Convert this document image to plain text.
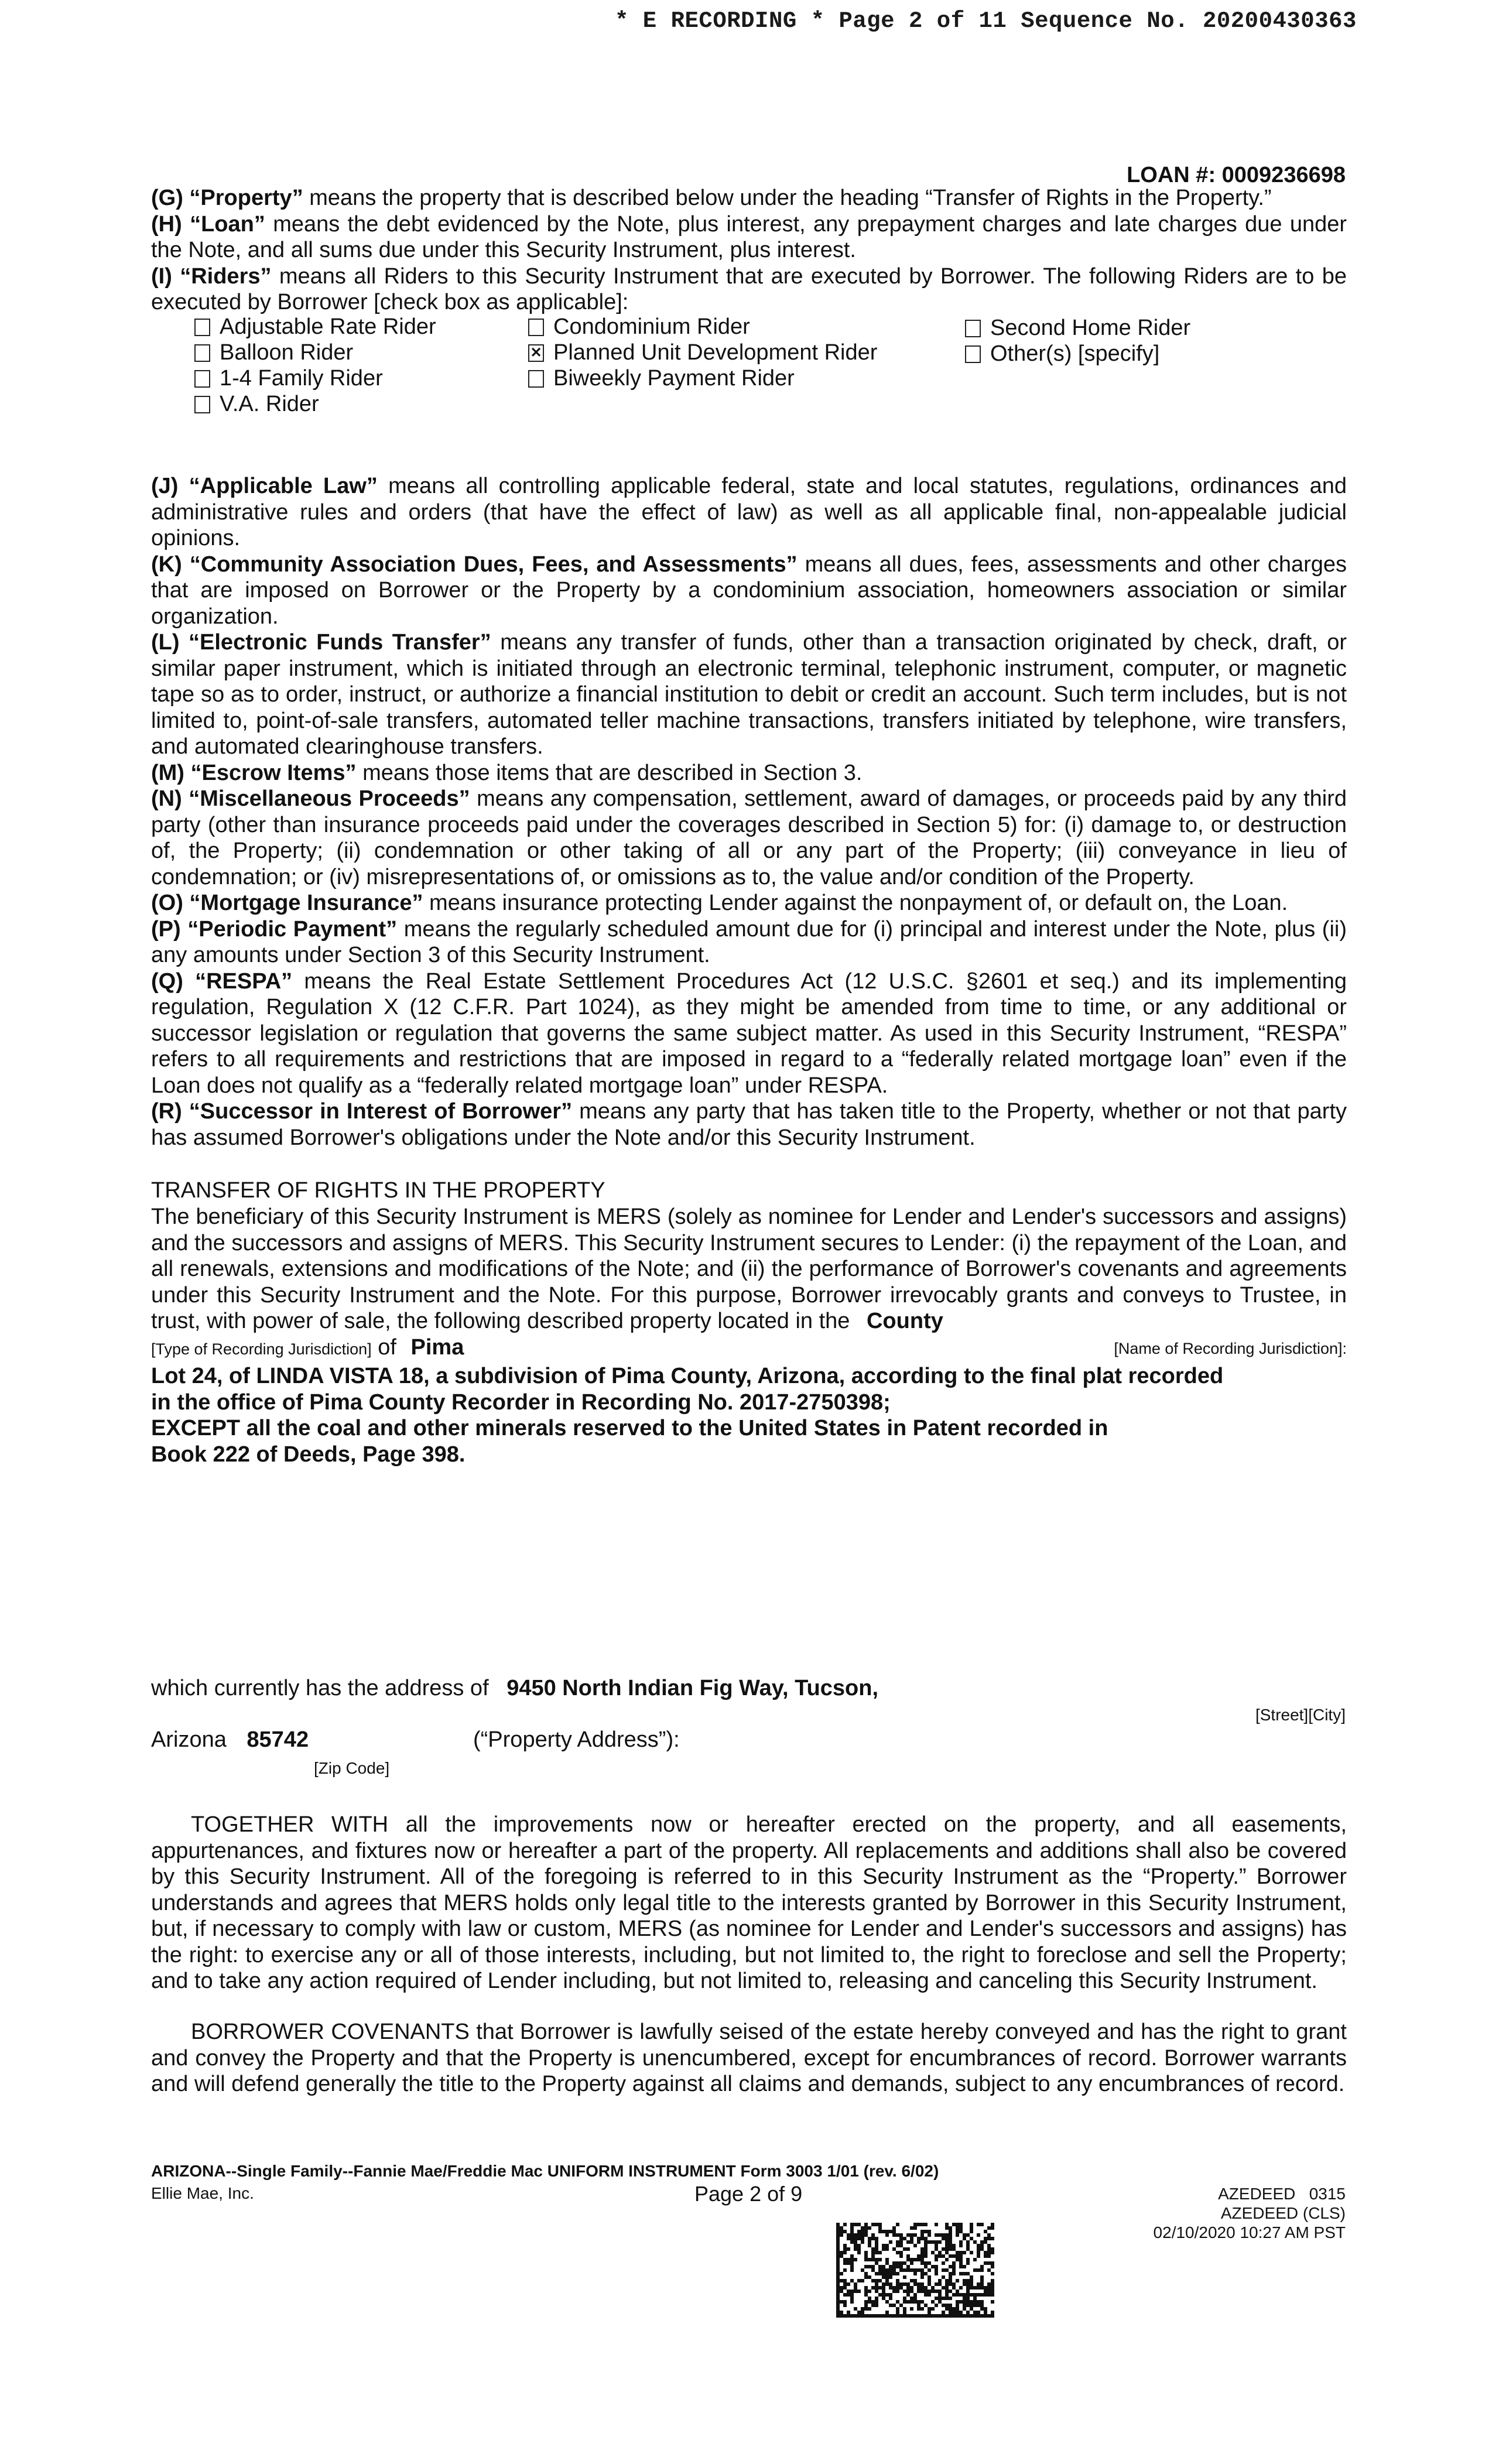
* E RECORDING * Page 2 of 11 Sequence No. 20200430363
LOAN #: 0009236698

(G) “Property” means the property that is described below under the heading “Transfer of Rights in the Property.”

(H) “Loan” means the debt evidenced by the Note, plus interest, any prepayment charges and late charges due under the Note, and all sums due under this Security Instrument, plus interest.

(I) “Riders” means all Riders to this Security Instrument that are executed by Borrower. The following Riders are to be executed by Borrower [check box as applicable]:

Adjustable Rate Rider
Balloon Rider
1-4 Family Rider
V.A. Rider
Condominium Rider
✕ Planned Unit Development Rider
Biweekly Payment Rider
Second Home Rider
Other(s) [specify]

(J) “Applicable Law” means all controlling applicable federal, state and local statutes, regulations, ordinances and administrative rules and orders (that have the effect of law) as well as all applicable final, non-appealable judicial opinions.

(K) “Community Association Dues, Fees, and Assessments” means all dues, fees, assessments and other charges that are imposed on Borrower or the Property by a condominium association, homeowners association or similar organization.

(L) “Electronic Funds Transfer” means any transfer of funds, other than a transaction originated by check, draft, or similar paper instrument, which is initiated through an electronic terminal, telephonic instrument, computer, or magnetic tape so as to order, instruct, or authorize a financial institution to debit or credit an account. Such term includes, but is not limited to, point-of-sale transfers, automated teller machine transactions, transfers initiated by telephone, wire transfers, and automated clearinghouse transfers.

(M) “Escrow Items” means those items that are described in Section 3.

(N) “Miscellaneous Proceeds” means any compensation, settlement, award of damages, or proceeds paid by any third party (other than insurance proceeds paid under the coverages described in Section 5) for: (i) damage to, or destruction of, the Property; (ii) condemnation or other taking of all or any part of the Property; (iii) conveyance in lieu of condemnation; or (iv) misrepresentations of, or omissions as to, the value and/or condition of the Property.

(O) “Mortgage Insurance” means insurance protecting Lender against the nonpayment of, or default on, the Loan.

(P) “Periodic Payment” means the regularly scheduled amount due for (i) principal and interest under the Note, plus (ii) any amounts under Section 3 of this Security Instrument.

(Q) “RESPA” means the Real Estate Settlement Procedures Act (12 U.S.C. §2601 et seq.) and its implementing regulation, Regulation X (12 C.F.R. Part 1024), as they might be amended from time to time, or any additional or successor legislation or regulation that governs the same subject matter. As used in this Security Instrument, “RESPA” refers to all requirements and restrictions that are imposed in regard to a “federally related mortgage loan” even if the Loan does not qualify as a “federally related mortgage loan” under RESPA.

(R) “Successor in Interest of Borrower” means any party that has taken title to the Property, whether or not that party has assumed Borrower's obligations under the Note and/or this Security Instrument.

TRANSFER OF RIGHTS IN THE PROPERTY

The beneficiary of this Security Instrument is MERS (solely as nominee for Lender and Lender's successors and assigns) and the successors and assigns of MERS. This Security Instrument secures to Lender: (i) the repayment of the Loan, and all renewals, extensions and modifications of the Note; and (ii) the performance of Borrower's covenants and agreements under this Security Instrument and the Note. For this purpose, Borrower irrevocably grants and conveys to Trustee, in trust, with power of sale, the following described property located in the County

[Type of Recording Jurisdiction] of Pima	[Name of Recording Jurisdiction]:

Lot 24, of LINDA VISTA 18, a subdivision of Pima County, Arizona, according to the final plat recorded

in the office of Pima County Recorder in Recording No. 2017-2750398;

EXCEPT all the coal and other minerals reserved to the United States in Patent recorded in

Book 222 of Deeds, Page 398.

which currently has the address of 9450 North Indian Fig Way, Tucson,
[Street][City]
Arizona 85742
[Zip Code]
(“Property Address”):

TOGETHER WITH all the improvements now or hereafter erected on the property, and all easements, appurtenances, and fixtures now or hereafter a part of the property. All replacements and additions shall also be covered by this Security Instrument. All of the foregoing is referred to in this Security Instrument as the “Property.” Borrower understands and agrees that MERS holds only legal title to the interests granted by Borrower in this Security Instrument, but, if necessary to comply with law or custom, MERS (as nominee for Lender and Lender's successors and assigns) has the right: to exercise any or all of those interests, including, but not limited to, the right to foreclose and sell the Property; and to take any action required of Lender including, but not limited to, releasing and canceling this Security Instrument.

BORROWER COVENANTS that Borrower is lawfully seised of the estate hereby conveyed and has the right to grant and convey the Property and that the Property is unencumbered, except for encumbrances of record. Borrower warrants and will defend generally the title to the Property against all claims and demands, subject to any encumbrances of record.

ARIZONA--Single Family--Fannie Mae/Freddie Mac UNIFORM INSTRUMENT Form 3003 1/01 (rev. 6/02)
Ellie Mae, Inc.	Page 2 of 9	AZEDEED   0315
AZEDEED (CLS)
02/10/2020 10:27 AM PST
